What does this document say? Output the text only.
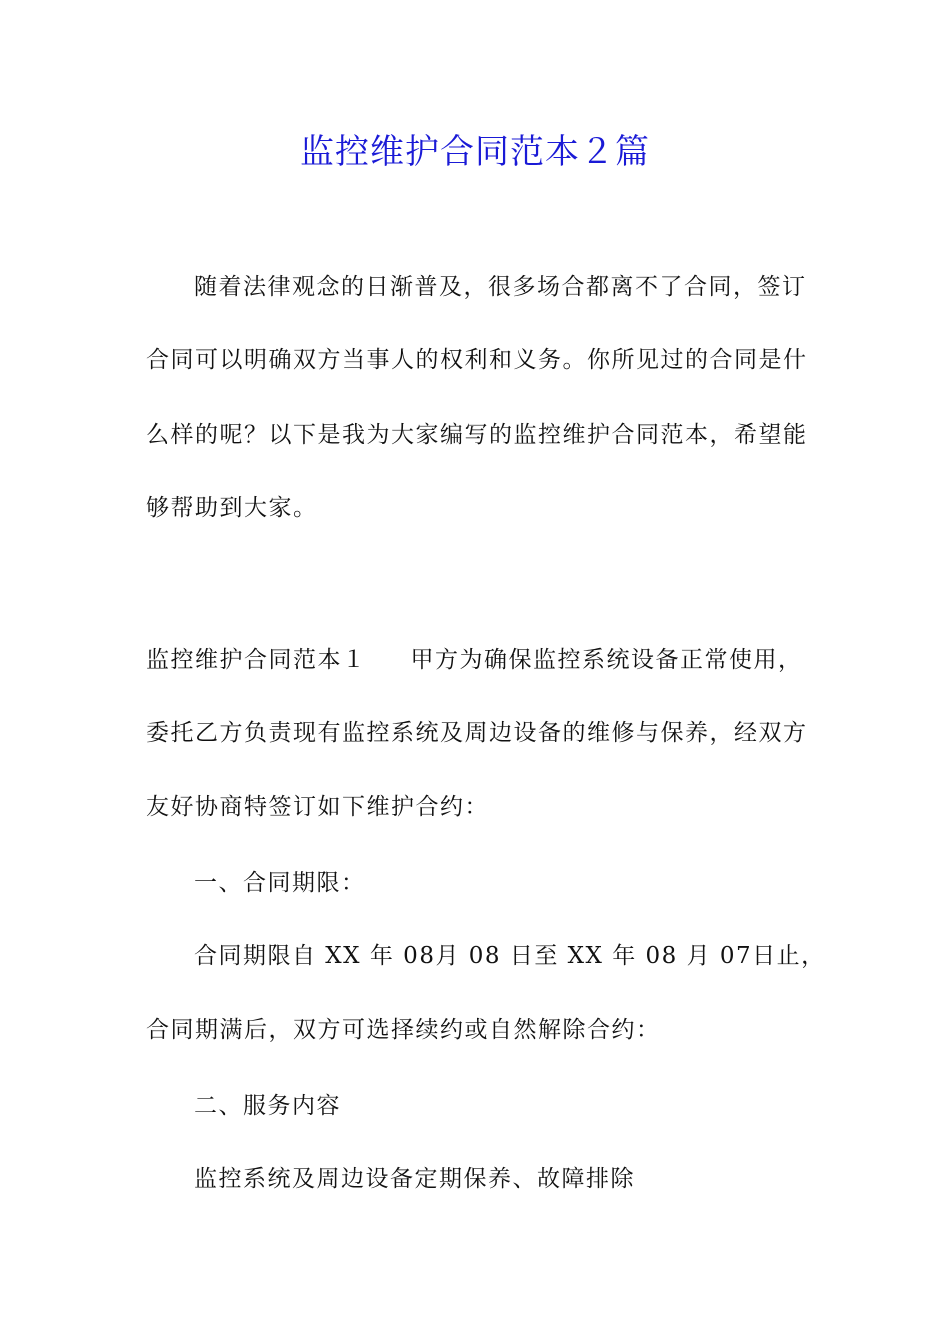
监控维护合同范本２篇
随着法律观念的日渐普及，很多场合都离不了合同，签订
合同可以明确双方当事人的权利和义务。你所见过的合同是什
么样的呢？以下是我为大家编写的监控维护合同范本，希望能
够帮助到大家。
监控维护合同范本１ 甲方为确保监控系统设备正常使用，
委托乙方负责现有监控系统及周边设备的维修与保养，经双方
友好协商特签订如下维护合约：
一、合同期限：
合同期限自 XX 年 08月 08 日至 XX 年 08 月 07日止，
合同期满后，双方可选择续约或自然解除合约：
二、服务内容
监控系统及周边设备定期保养、故障排除
